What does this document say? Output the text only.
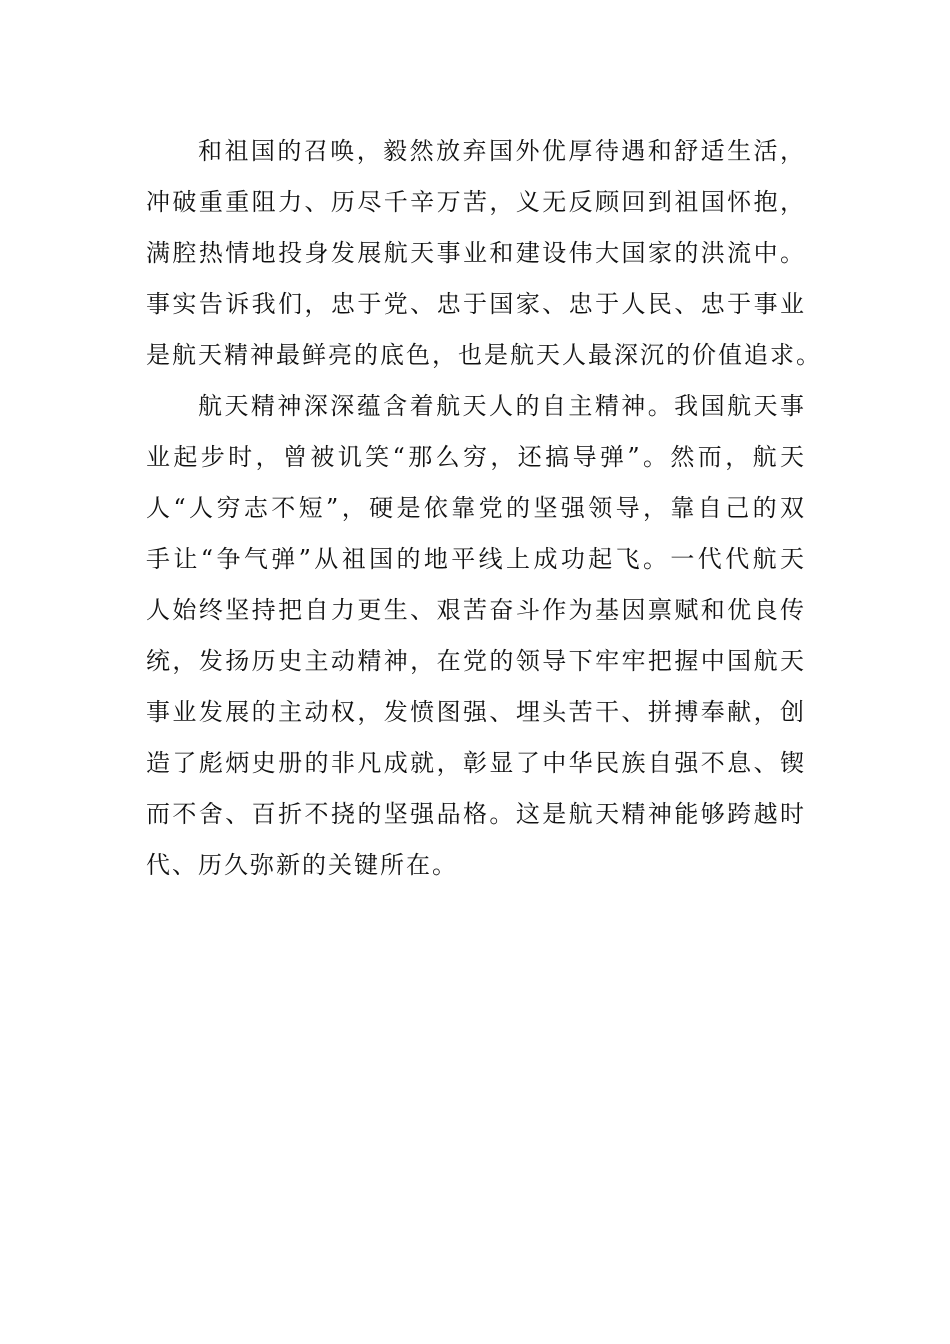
和祖国的召唤，毅然放弃国外优厚待遇和舒适生活，
冲破重重阻力、历尽千辛万苦，义无反顾回到祖国怀抱，
满腔热情地投身发展航天事业和建设伟大国家的洪流中。
事实告诉我们，忠于党、忠于国家、忠于人民、忠于事业
是航天精神最鲜亮的底色，也是航天人最深沉的价值追求。
航天精神深深蕴含着航天人的自主精神。我国航天事
业起步时，曾被讥笑“那么穷，还搞导弹”。然而，航天
人“人穷志不短”，硬是依靠党的坚强领导，靠自己的双
手让“争气弹”从祖国的地平线上成功起飞。一代代航天
人始终坚持把自力更生、艰苦奋斗作为基因禀赋和优良传
统，发扬历史主动精神，在党的领导下牢牢把握中国航天
事业发展的主动权，发愤图强、埋头苦干、拼搏奉献，创
造了彪炳史册的非凡成就，彰显了中华民族自强不息、锲
而不舍、百折不挠的坚强品格。这是航天精神能够跨越时
代、历久弥新的关键所在。
